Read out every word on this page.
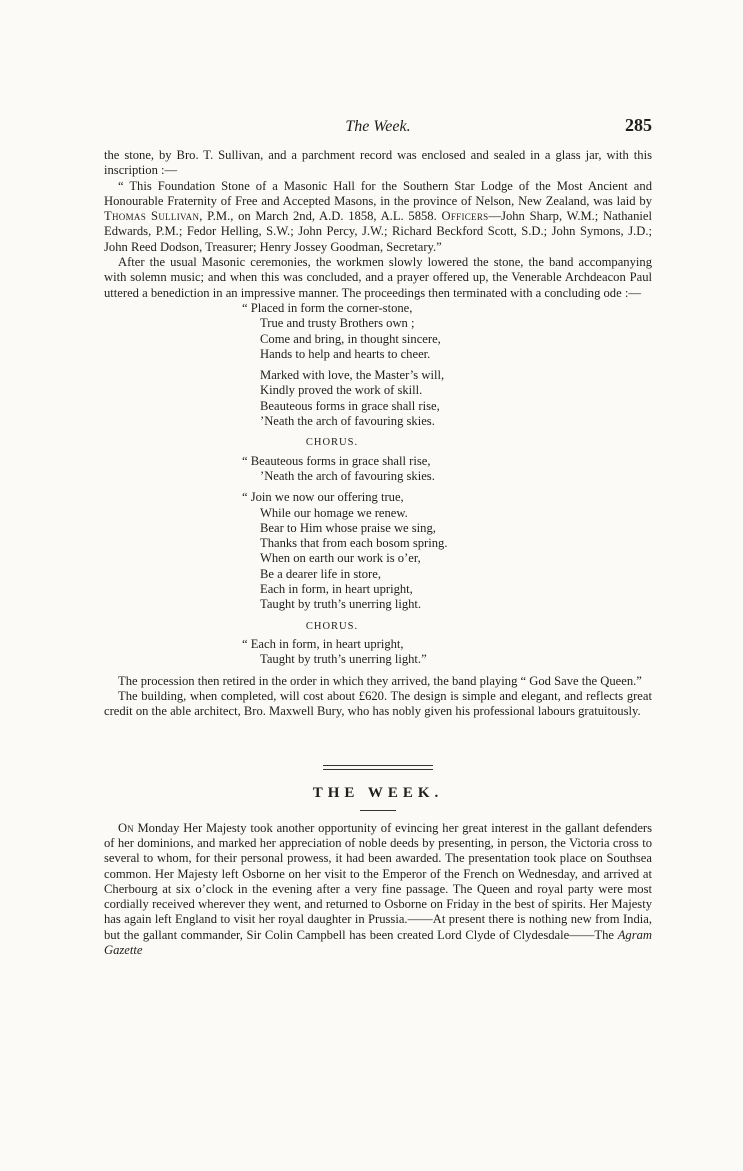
The Week.	285

the stone, by Bro. T. Sullivan, and a parchment record was enclosed and sealed in a glass jar, with this inscription :—

“ This Foundation Stone of a Masonic Hall for the Southern Star Lodge of the Most Ancient and Honourable Fraternity of Free and Accepted Masons, in the province of Nelson, New Zealand, was laid by Thomas Sullivan, P.M., on March 2nd, A.D. 1858, A.L. 5858. Officers—John Sharp, W.M.; Nathaniel Edwards, P.M.; Fedor Helling, S.W.; John Percy, J.W.; Richard Beckford Scott, S.D.; John Symons, J.D.; John Reed Dodson, Treasurer; Henry Jossey Goodman, Secretary.”

After the usual Masonic ceremonies, the workmen slowly lowered the stone, the band accompanying with solemn music; and when this was concluded, and a prayer offered up, the Venerable Archdeacon Paul uttered a benediction in an impressive manner. The proceedings then terminated with a concluding ode :—

“ Placed in form the corner-stone,
True and trusty Brothers own ;
Come and bring, in thought sincere,
Hands to help and hearts to cheer.
Marked with love, the Master’s will,
Kindly proved the work of skill.
Beauteous forms in grace shall rise,
’Neath the arch of favouring skies.
CHORUS.
“ Beauteous forms in grace shall rise,
’Neath the arch of favouring skies.
“ Join we now our offering true,
While our homage we renew.
Bear to Him whose praise we sing,
Thanks that from each bosom spring.
When on earth our work is o’er,
Be a dearer life in store,
Each in form, in heart upright,
Taught by truth’s unerring light.
CHORUS.
“ Each in form, in heart upright,
Taught by truth’s unerring light.”

The procession then retired in the order in which they arrived, the band playing “ God Save the Queen.”

The building, when completed, will cost about £620. The design is simple and elegant, and reflects great credit on the able architect, Bro. Maxwell Bury, who has nobly given his professional labours gratuitously.

THE WEEK.

On Monday Her Majesty took another opportunity of evincing her great interest in the gallant defenders of her dominions, and marked her appreciation of noble deeds by presenting, in person, the Victoria cross to several to whom, for their personal prowess, it had been awarded. The presentation took place on Southsea common. Her Majesty left Osborne on her visit to the Emperor of the French on Wednesday, and arrived at Cherbourg at six o’clock in the evening after a very fine passage. The Queen and royal party were most cordially received wherever they went, and returned to Osborne on Friday in the best of spirits. Her Majesty has again left England to visit her royal daughter in Prussia.——At present there is nothing new from India, but the gallant commander, Sir Colin Campbell has been created Lord Clyde of Clydesdale——The Agram Gazette
